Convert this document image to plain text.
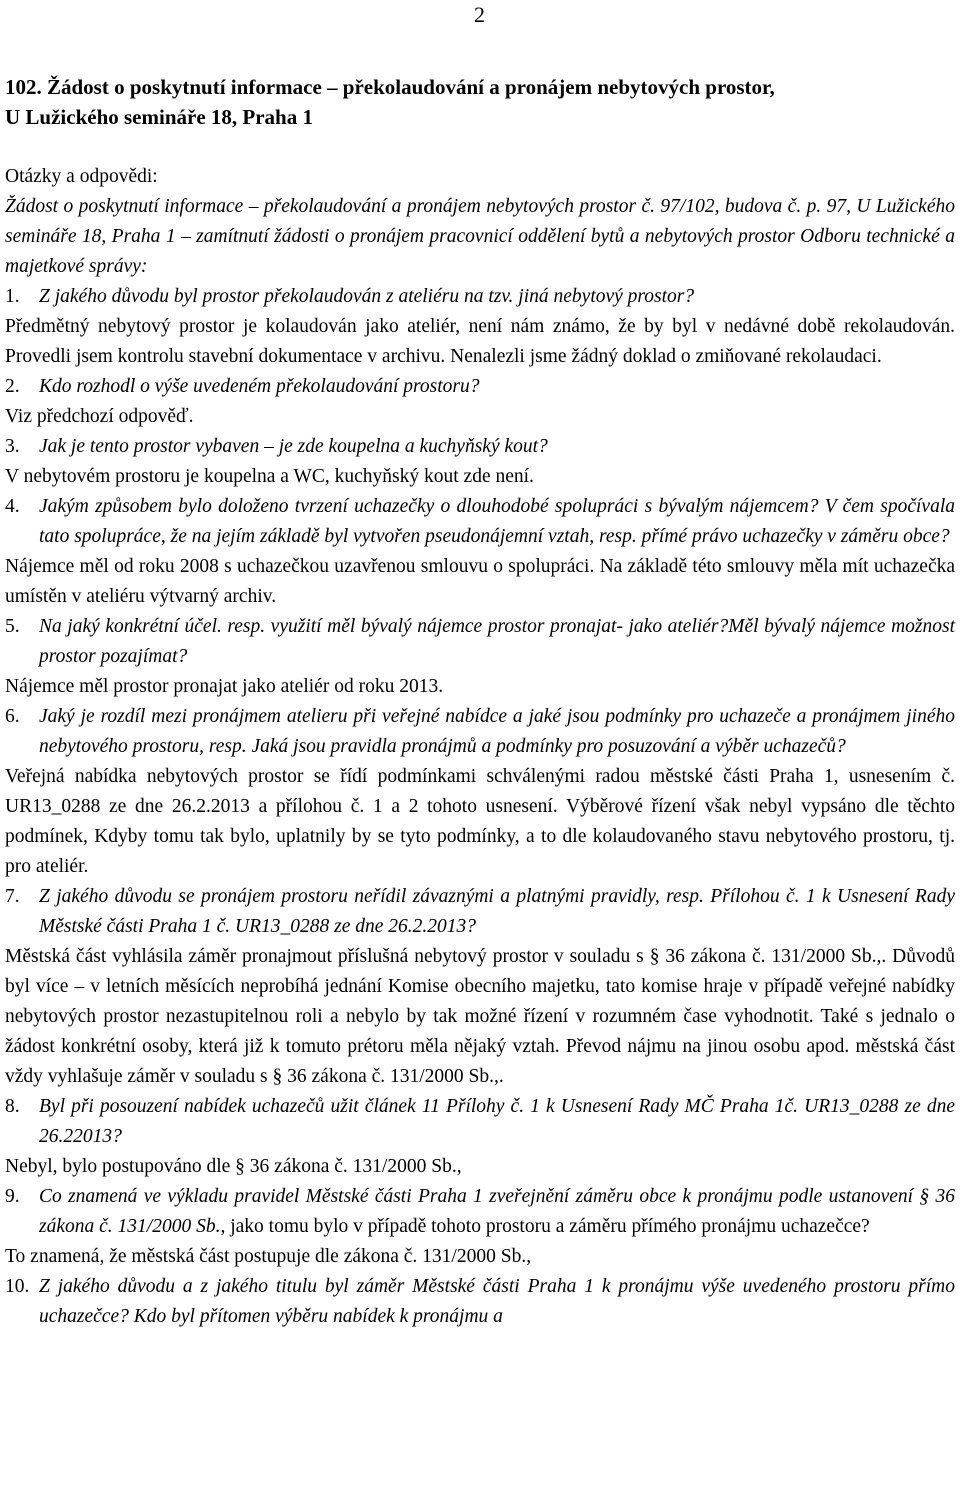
2
102. Žádost o poskytnutí informace – překolaudování a pronájem nebytových prostor,
U Lužického semináře 18, Praha 1

Otázky a odpovědi:

Žádost o poskytnutí informace – překolaudování a pronájem nebytových prostor č. 97/102, budova č. p. 97, U Lužického semináře 18, Praha 1 – zamítnutí žádosti o pronájem pracovnicí oddělení bytů a nebytových prostor Odboru technické a majetkové správy:

1. Z jakého důvodu byl prostor překolaudován z ateliéru na tzv. jiná nebytový prostor?

Předmětný nebytový prostor je kolaudován jako ateliér, není nám známo, že by byl v nedávné době rekolaudován. Provedli jsem kontrolu stavební dokumentace v archivu. Nenalezli jsme žádný doklad o zmiňované rekolaudaci.

2. Kdo rozhodl o výše uvedeném překolaudování prostoru?

Viz předchozí odpověď.

3. Jak je tento prostor vybaven – je zde koupelna a kuchyňský kout?

V nebytovém prostoru je koupelna a WC, kuchyňský kout zde není.

4. Jakým způsobem bylo doloženo tvrzení uchazečky o dlouhodobé spolupráci s bývalým nájemcem? V čem spočívala tato spolupráce, že na jejím základě byl vytvořen pseudonájemní vztah, resp. přímé právo uchazečky v záměru obce?

Nájemce měl od roku 2008 s uchazečkou uzavřenou smlouvu o spolupráci. Na základě této smlouvy měla mít uchazečka umístěn v ateliéru výtvarný archiv.

5. Na jaký konkrétní účel. resp. využití měl bývalý nájemce prostor pronajat- jako ateliér?Měl bývalý nájemce možnost prostor pozajímat?

Nájemce měl prostor pronajat jako ateliér od roku 2013.

6. Jaký je rozdíl mezi pronájmem atelieru při veřejné nabídce a jaké jsou podmínky pro uchazeče a pronájmem jiného nebytového prostoru, resp. Jaká jsou pravidla pronájmů a podmínky pro posuzování a výběr uchazečů?

Veřejná nabídka nebytových prostor se řídí podmínkami schválenými radou městské části Praha 1, usnesením č. UR13_0288 ze dne 26.2.2013 a přílohou č. 1 a 2 tohoto usnesení. Výběrové řízení však nebyl vypsáno dle těchto podmínek, Kdyby tomu tak bylo, uplatnily by se tyto podmínky, a to dle kolaudovaného stavu nebytového prostoru, tj. pro ateliér.

7. Z jakého důvodu se pronájem prostoru neřídil závaznými a platnými pravidly, resp. Přílohou č. 1 k Usnesení Rady Městské části Praha 1 č. UR13_0288 ze dne 26.2.2013?

Městská část vyhlásila záměr pronajmout příslušná nebytový prostor v souladu s § 36 zákona č. 131/2000 Sb.,. Důvodů byl více – v letních měsících neprobíhá jednání Komise obecního majetku, tato komise hraje v případě veřejné nabídky nebytových prostor nezastupitelnou roli a nebylo by tak možné řízení v rozumném čase vyhodnotit. Také s jednalo o žádost konkrétní osoby, která již k tomuto prétoru měla nějaký vztah. Převod nájmu na jinou osobu apod. městská část vždy vyhlašuje záměr v souladu s § 36 zákona č. 131/2000 Sb.,.

8. Byl při posouzení nabídek uchazečů užit článek 11 Přílohy č. 1 k Usnesení Rady MČ Praha 1č. UR13_0288 ze dne 26.22013?

Nebyl, bylo postupováno dle § 36 zákona č. 131/2000 Sb.,

9. Co znamená ve výkladu pravidel Městské části Praha 1 zveřejnění záměru obce k pronájmu podle ustanovení § 36 zákona č. 131/2000 Sb., jako tomu bylo v případě tohoto prostoru a záměru přímého pronájmu uchazečce?

To znamená, že městská část postupuje dle zákona č. 131/2000 Sb.,

10. Z jakého důvodu a z jakého titulu byl záměr Městské části Praha 1 k pronájmu výše uvedeného prostoru přímo uchazečce? Kdo byl přítomen výběru nabídek k pronájmu a
